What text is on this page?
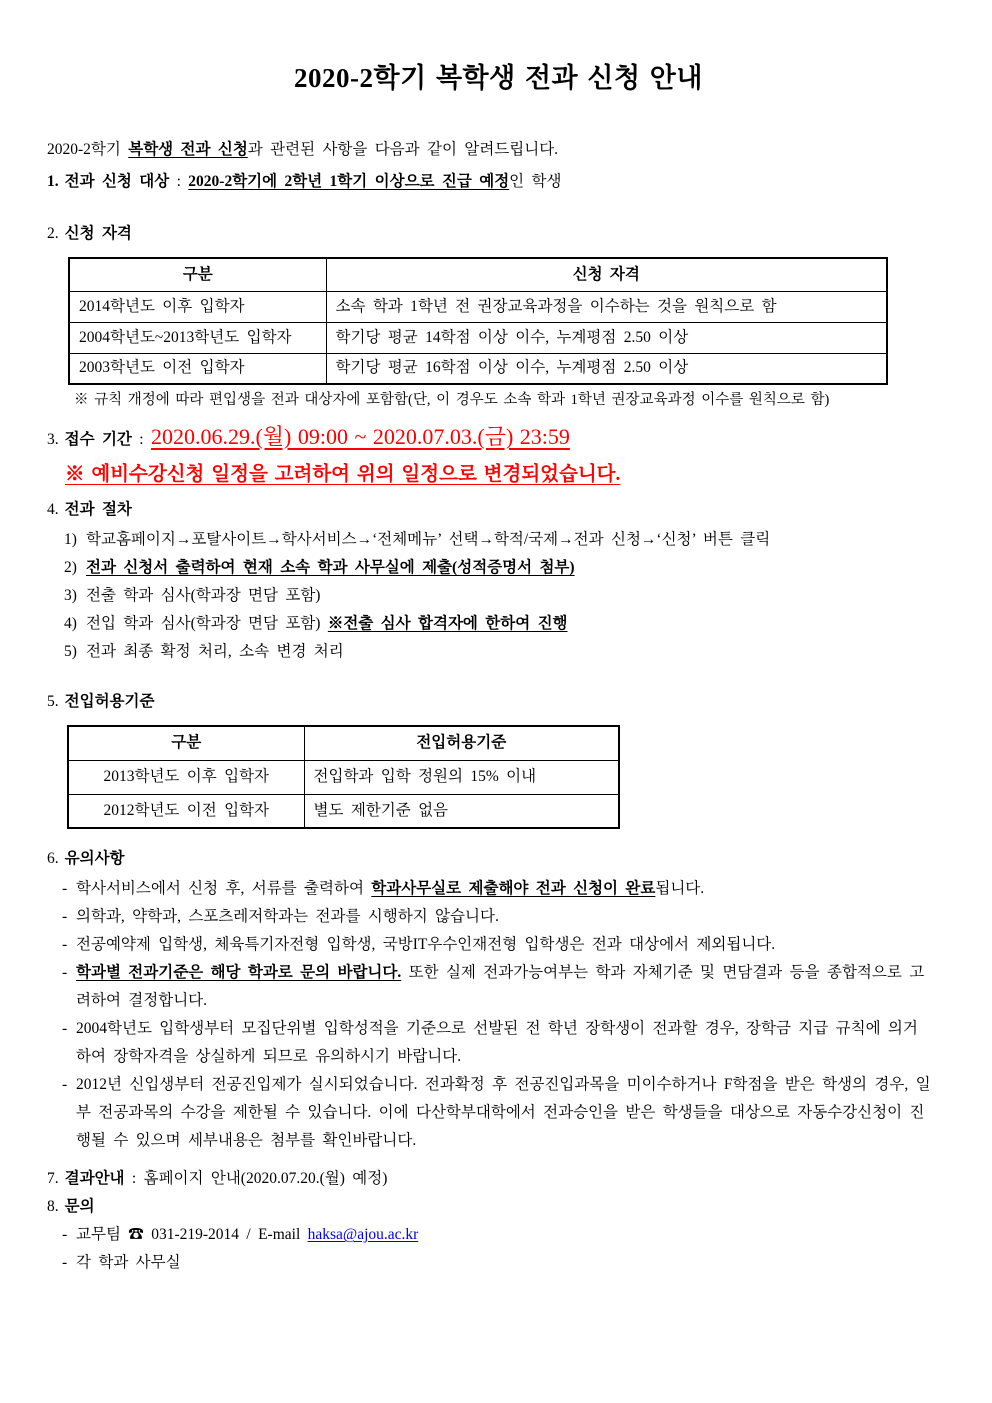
2020-2학기 복학생 전과 신청 안내

2020-2학기 복학생 전과 신청과 관련된 사항을 다음과 같이 알려드립니다.

1. 전과 신청 대상 : 2020-2학기에 2학년 1학기 이상으로 진급 예정인 학생

2. 신청 자격

구분	신청 자격
2014학년도 이후 입학자	소속 학과 1학년 전 권장교육과정을 이수하는 것을 원칙으로 함
2004학년도~2013학년도 입학자	학기당 평균 14학점 이상 이수, 누계평점 2.50 이상
2003학년도 이전 입학자	학기당 평균 16학점 이상 이수, 누계평점 2.50 이상

※ 규칙 개정에 따라 편입생을 전과 대상자에 포함함(단, 이 경우도 소속 학과 1학년 권장교육과정 이수를 원칙으로 함)

3. 접수 기간 : 2020.06.29.(월) 09:00 ~ 2020.07.03.(금) 23:59

※ 예비수강신청 일정을 고려하여 위의 일정으로 변경되었습니다.

4. 전과 절차

1) 학교홈페이지→포탈사이트→학사서비스→‘전체메뉴’ 선택→학적/국제→전과 신청→‘신청’ 버튼 클릭
2) 전과 신청서 출력하여 현재 소속 학과 사무실에 제출(성적증명서 첨부)
3) 전출 학과 심사(학과장 면담 포함)
4) 전입 학과 심사(학과장 면담 포함) ※전출 심사 합격자에 한하여 진행
5) 전과 최종 확정 처리, 소속 변경 처리

5. 전입허용기준

구분	전입허용기준
2013학년도 이후 입학자	전입학과 입학 정원의 15% 이내
2012학년도 이전 입학자	별도 제한기준 없음

6. 유의사항

- 학사서비스에서 신청 후, 서류를 출력하여 학과사무실로 제출해야 전과 신청이 완료됩니다.
- 의학과, 약학과, 스포츠레저학과는 전과를 시행하지 않습니다.
- 전공예약제 입학생, 체육특기자전형 입학생, 국방IT우수인재전형 입학생은 전과 대상에서 제외됩니다.
- 학과별 전과기준은 해당 학과로 문의 바랍니다. 또한 실제 전과가능여부는 학과 자체기준 및 면담결과 등을 종합적으로 고려하여 결정합니다.
- 2004학년도 입학생부터 모집단위별 입학성적을 기준으로 선발된 전 학년 장학생이 전과할 경우, 장학금 지급 규칙에 의거하여 장학자격을 상실하게 되므로 유의하시기 바랍니다.
- 2012년 신입생부터 전공진입제가 실시되었습니다. 전과확정 후 전공진입과목을 미이수하거나 F학점을 받은 학생의 경우, 일부 전공과목의 수강을 제한될 수 있습니다. 이에 다산학부대학에서 전과승인을 받은 학생들을 대상으로 자동수강신청이 진행될 수 있으며 세부내용은 첨부를 확인바랍니다.

7. 결과안내 : 홈페이지 안내(2020.07.20.(월) 예정)

8. 문의

- 교무팀 ☎ 031-219-2014 / E-mail haksa@ajou.ac.kr
- 각 학과 사무실
